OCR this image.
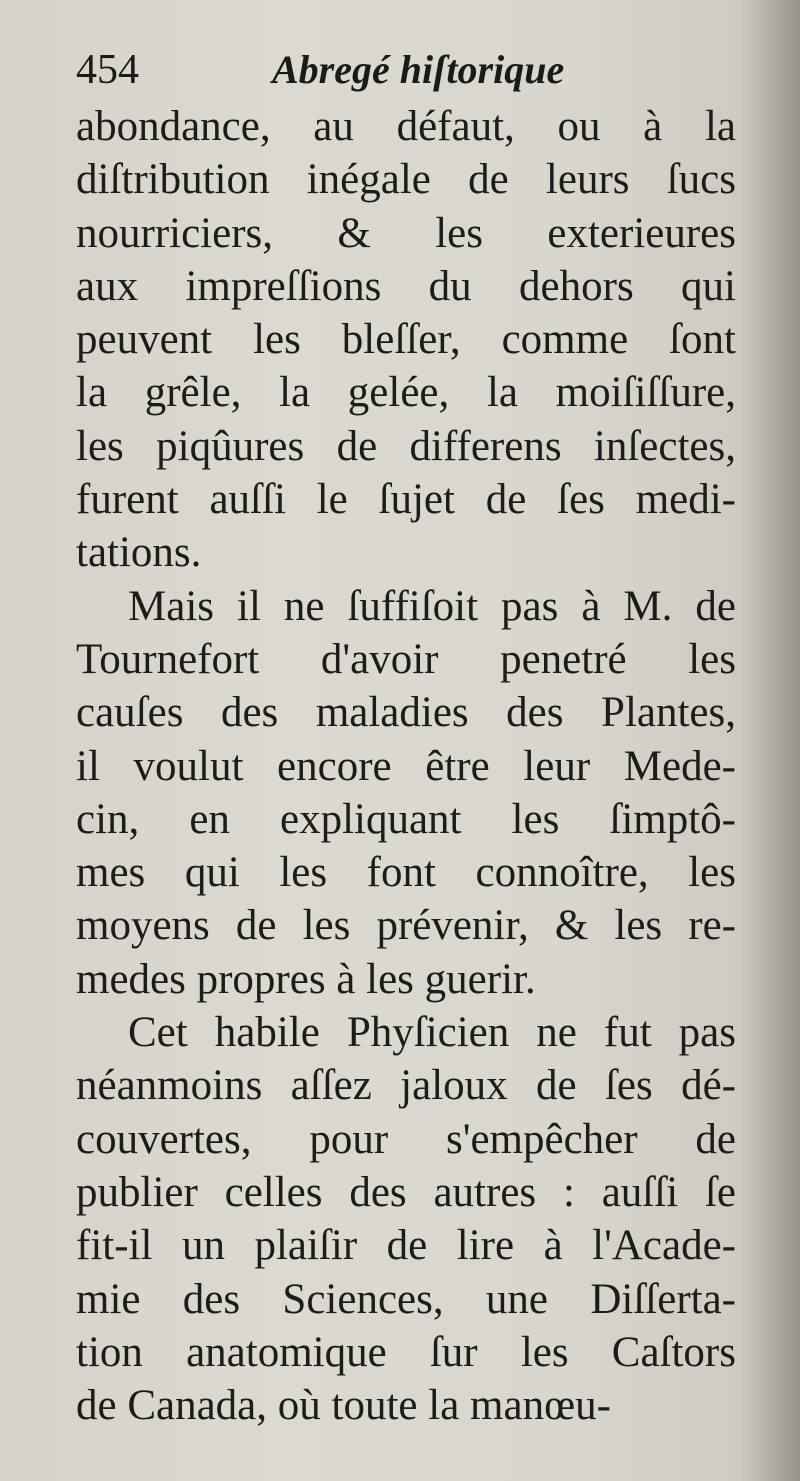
454	Abregé hiſtorique
abondance, au défaut, ou à la
diſtribution inégale de leurs ſucs
nourriciers, & les exterieures
aux impreſſions du dehors qui
peuvent les bleſſer, comme ſont
la grêle, la gelée, la moiſiſſure,
les piqûures de differens inſectes,
furent auſſi le ſujet de ſes medi-
tations.
Mais il ne ſuffiſoit pas à M. de
Tournefort d'avoir penetré les
cauſes des maladies des Plantes,
il voulut encore être leur Mede-
cin, en expliquant les ſimptô-
mes qui les font connoître, les
moyens de les prévenir, & les re-
medes propres à les guerir.
Cet habile Phyſicien ne fut pas
néanmoins aſſez jaloux de ſes dé-
couvertes, pour s'empêcher de
publier celles des autres : auſſi ſe
fit-il un plaiſir de lire à l'Acade-
mie des Sciences, une Diſſerta-
tion anatomique ſur les Caſtors
de Canada, où toute la manœu-
